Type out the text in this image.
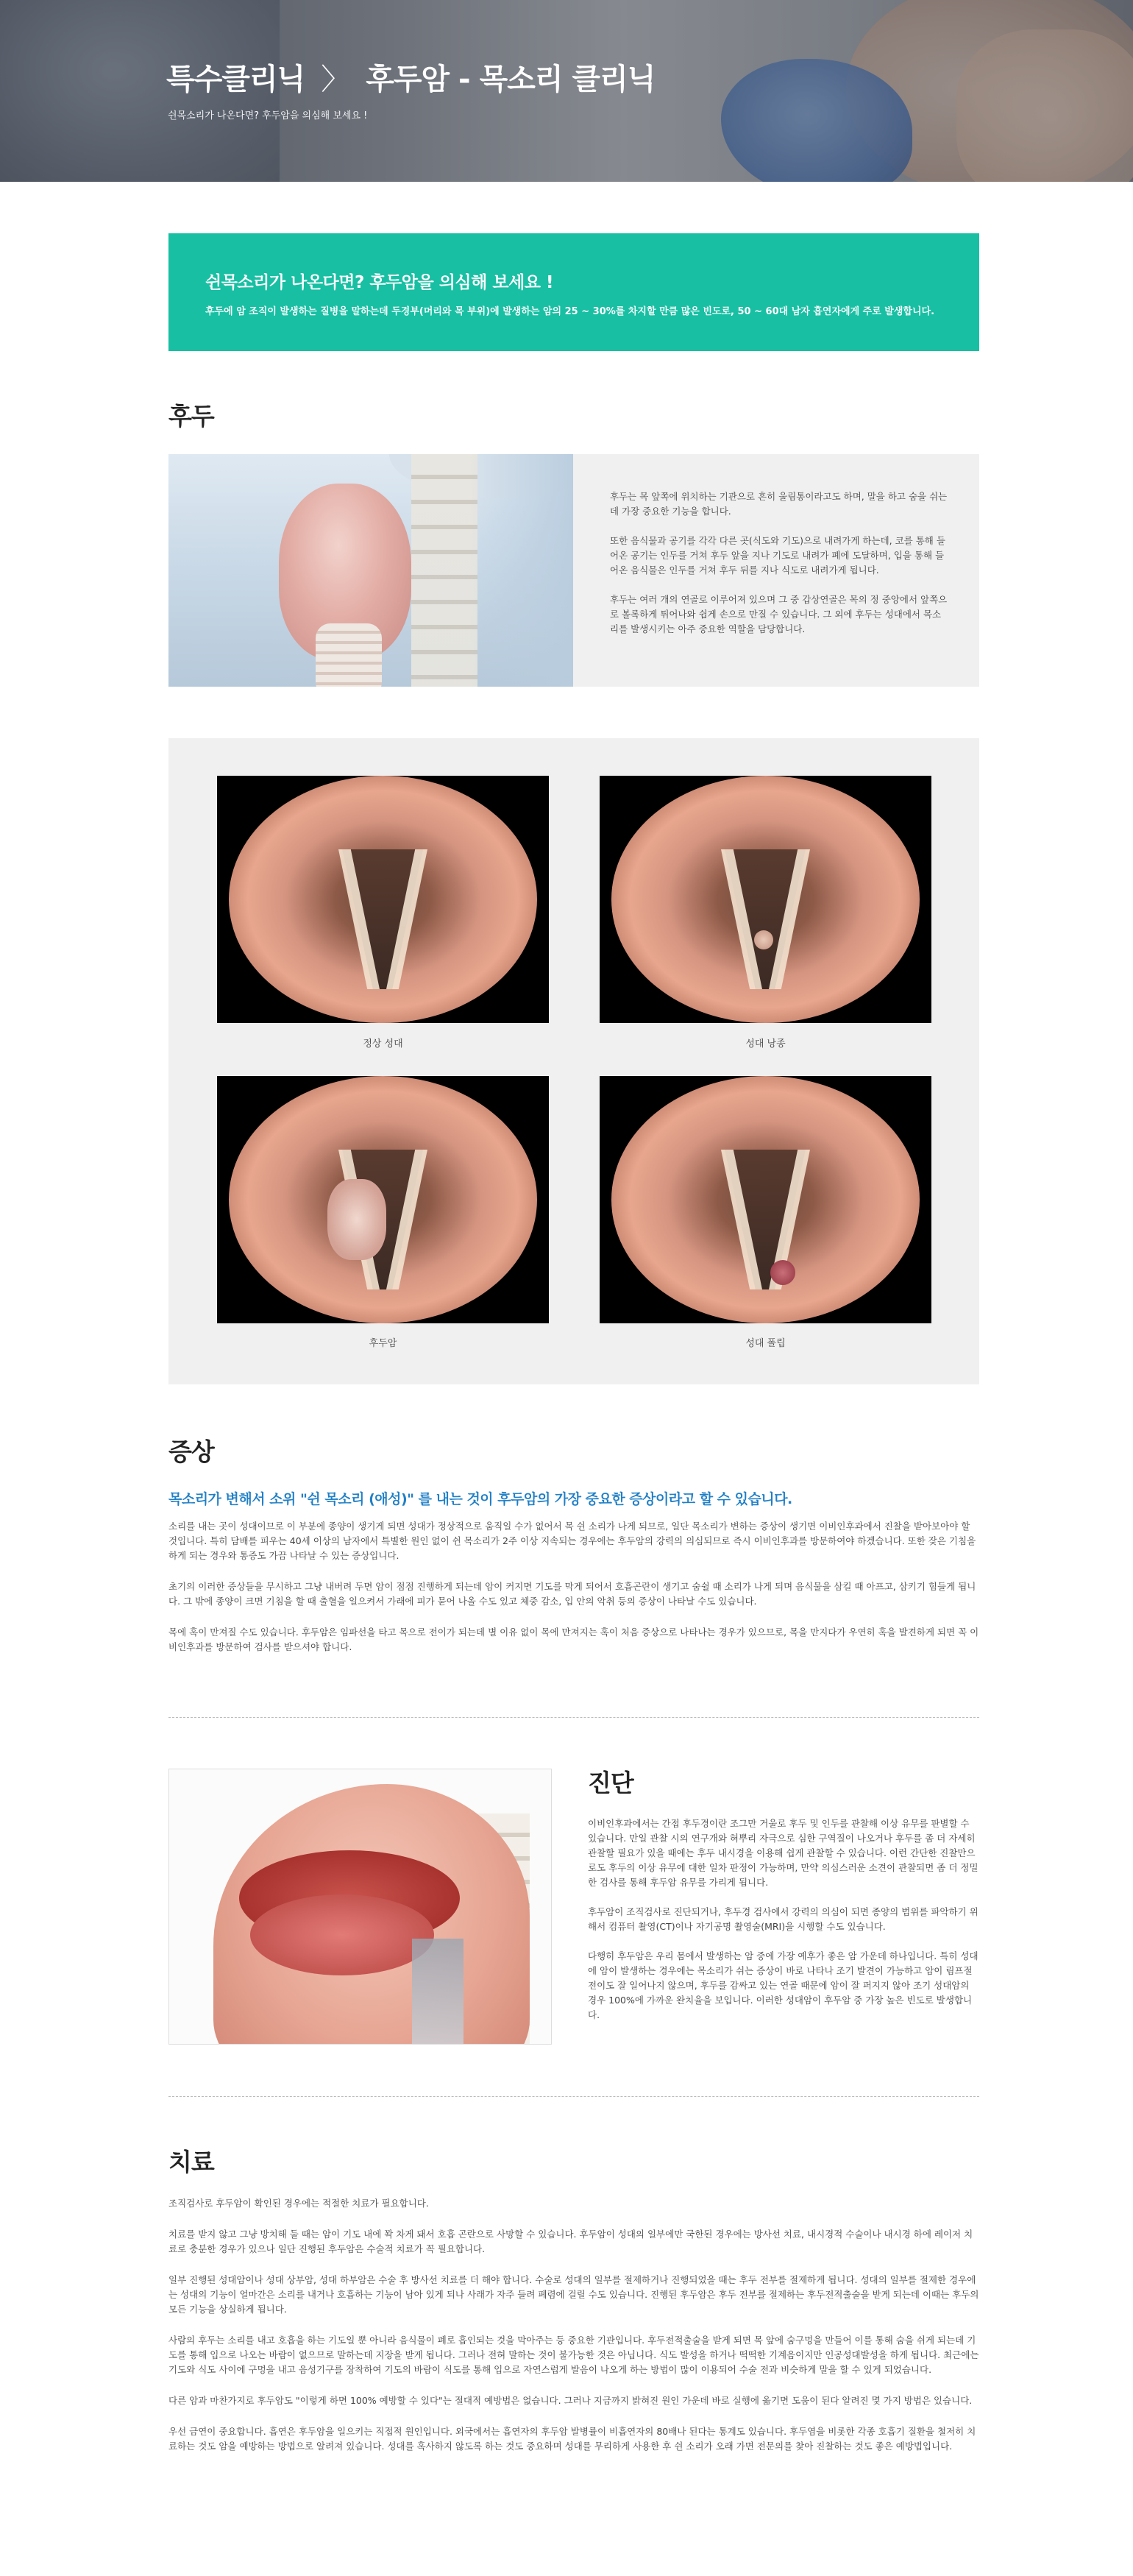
특수클리닉 〉 후두암 - 목소리 클리닉
쉰목소리가 나온다면? 후두암을 의심해 보세요 !
쉰목소리가 나온다면? 후두암을 의심해 보세요 !

후두에 암 조직이 발생하는 질병을 말하는데 두경부(머리와 목 부위)에 발생하는 암의 25 ~ 30%를 차지할 만큼 많은 빈도로, 50 ~ 60대 남자 흡연자에게 주로 발생합니다.

후두

후두는 목 앞쪽에 위치하는 기관으로 흔히 울림통이라고도 하며, 말을 하고 숨을 쉬는데 가장 중요한 기능을 합니다.

또한 음식물과 공기를 각각 다른 곳(식도와 기도)으로 내려가게 하는데, 코를 통해 들어온 공기는 인두를 거쳐 후두 앞을 지나 기도로 내려가 폐에 도달하며, 입을 통해 들어온 음식물은 인두를 거쳐 후두 뒤를 지나 식도로 내려가게 됩니다.

후두는 여러 개의 연골로 이루어져 있으며 그 중 갑상연골은 목의 정 중앙에서 앞쪽으로 볼록하게 튀어나와 쉽게 손으로 만질 수 있습니다. 그 외에 후두는 성대에서 목소리를 발생시키는 아주 중요한 역할을 담당합니다.

정상 성대	성대 낭종
후두암	성대 폴립
증상
목소리가 변해서 소위 "쉰 목소리 (애성)" 를 내는 것이 후두암의 가장 중요한 증상이라고 할 수 있습니다.

소리를 내는 곳이 성대이므로 이 부분에 종양이 생기게 되면 성대가 정상적으로 움직일 수가 없어서 목 쉰 소리가 나게 되므로, 일단 목소리가 변하는 증상이 생기면 이비인후과에서 진찰을 받아보아야 할 것입니다. 특히 담배를 피우는 40세 이상의 남자에서 특별한 원인 없이 쉰 목소리가 2주 이상 지속되는 경우에는 후두암의 강력의 의심되므로 즉시 이비인후과를 방문하여야 하겠습니다. 또한 잦은 기침을 하게 되는 경우와 통증도 가끔 나타날 수 있는 증상입니다.

초기의 이러한 증상들을 무시하고 그냥 내버려 두면 암이 점점 진행하게 되는데 암이 커지면 기도를 막게 되어서 호흡곤란이 생기고 숨쉴 때 소리가 나게 되며 음식물을 삼킬 때 아프고, 삼키기 힘들게 됩니다. 그 밖에 종양이 크면 기침을 할 때 출혈을 일으켜서 가래에 피가 묻어 나올 수도 있고 체중 감소, 입 안의 악취 등의 증상이 나타날 수도 있습니다.

목에 혹이 만져질 수도 있습니다. 후두암은 임파선을 타고 목으로 전이가 되는데 별 이유 없이 목에 만져지는 혹이 처음 증상으로 나타나는 경우가 있으므로, 목을 만지다가 우연히 혹을 발견하게 되면 꼭 이비인후과를 방문하여 검사를 받으셔야 합니다.

진단

이비인후과에서는 간접 후두경이란 조그만 거울로 후두 및 인두를 관찰해 이상 유무를 판별할 수 있습니다. 만일 관찰 시의 연구개와 혀뿌리 자극으로 심한 구역질이 나오거나 후두를 좀 더 자세히 관찰할 필요가 있을 때에는 후두 내시경을 이용해 쉽게 관찰할 수 있습니다. 이런 간단한 진찰만으로도 후두의 이상 유무에 대한 일차 판정이 가능하며, 만약 의심스러운 소견이 관찰되면 좀 더 정밀한 검사를 통해 후두암 유무를 가리게 됩니다.

후두암이 조직검사로 진단되거나, 후두경 검사에서 강력의 의심이 되면 종양의 범위를 파악하기 위해서 컴퓨터 촬영(CT)이나 자기공명 촬영술(MRI)을 시행할 수도 있습니다.

다행히 후두암은 우리 몸에서 발생하는 암 중에 가장 예후가 좋은 암 가운데 하나입니다. 특히 성대에 암이 발생하는 경우에는 목소리가 쉬는 증상이 바로 나타나 조기 발견이 가능하고 암이 림프절 전이도 잘 일어나지 않으며, 후두를 감싸고 있는 연골 때문에 암이 잘 퍼지지 않아 조기 성대암의 경우 100%에 가까운 완치율을 보입니다. 이러한 성대암이 후두암 중 가장 높은 빈도로 발생합니다.

치료

조직검사로 후두암이 확인된 경우에는 적절한 치료가 필요합니다.

치료를 받지 않고 그냥 방치해 둘 때는 암이 기도 내에 꽉 차게 돼서 호흡 곤란으로 사망할 수 있습니다. 후두암이 성대의 일부에만 국한된 경우에는 방사선 치료, 내시경적 수술이나 내시경 하에 레이저 치료로 충분한 경우가 있으나 일단 진행된 후두암은 수술적 치료가 꼭 필요합니다.

일부 진행된 성대암이나 성대 상부암, 성대 하부암은 수술 후 방사선 치료를 더 해야 합니다. 수술로 성대의 일부를 절제하거나 진행되었을 때는 후두 전부를 절제하게 됩니다. 성대의 일부를 절제한 경우에는 성대의 기능이 얼마간은 소리를 내거나 호흡하는 기능이 남아 있게 되나 사래가 자주 들려 폐렴에 걸릴 수도 있습니다. 진행된 후두암은 후두 전부를 절제하는 후두전적출술을 받게 되는데 이때는 후두의 모든 기능을 상실하게 됩니다.

사람의 후두는 소리를 내고 호흡을 하는 기도일 뿐 아니라 음식물이 폐로 흡인되는 것을 막아주는 등 중요한 기관입니다. 후두전적출술을 받게 되면 목 앞에 숨구멍을 만들어 이를 통해 숨을 쉬게 되는데 기도를 통해 입으로 나오는 바람이 없으므로 말하는데 지장을 받게 됩니다. 그러나 전혀 말하는 것이 불가능한 것은 아닙니다. 식도 발성을 하거나 떡떡한 기계음이지만 인공성대발성을 하게 됩니다. 최근에는 기도와 식도 사이에 구멍을 내고 음성기구를 장착하여 기도의 바람이 식도를 통해 입으로 자연스럽게 발음이 나오게 하는 방법이 많이 이용되어 수술 전과 비슷하게 말을 할 수 있게 되었습니다.

다른 암과 마찬가지로 후두암도 "이렇게 하면 100% 예방할 수 있다"는 절대적 예방법은 없습니다. 그러나 지금까지 밝혀진 원인 가운데 바로 실행에 옮기면 도움이 된다 알려진 몇 가지 방법은 있습니다.

우선 금연이 중요합니다. 흡연은 후두암을 일으키는 직접적 원인입니다. 외국에서는 흡연자의 후두암 발병률이 비흡연자의 80배나 된다는 통계도 있습니다. 후두염을 비롯한 각종 호흡기 질환을 철저히 치료하는 것도 암을 예방하는 방법으로 알려져 있습니다. 성대를 혹사하지 않도록 하는 것도 중요하며 성대를 무리하게 사용한 후 쉰 소리가 오래 가면 전문의를 찾아 진찰하는 것도 좋은 예방법입니다.
